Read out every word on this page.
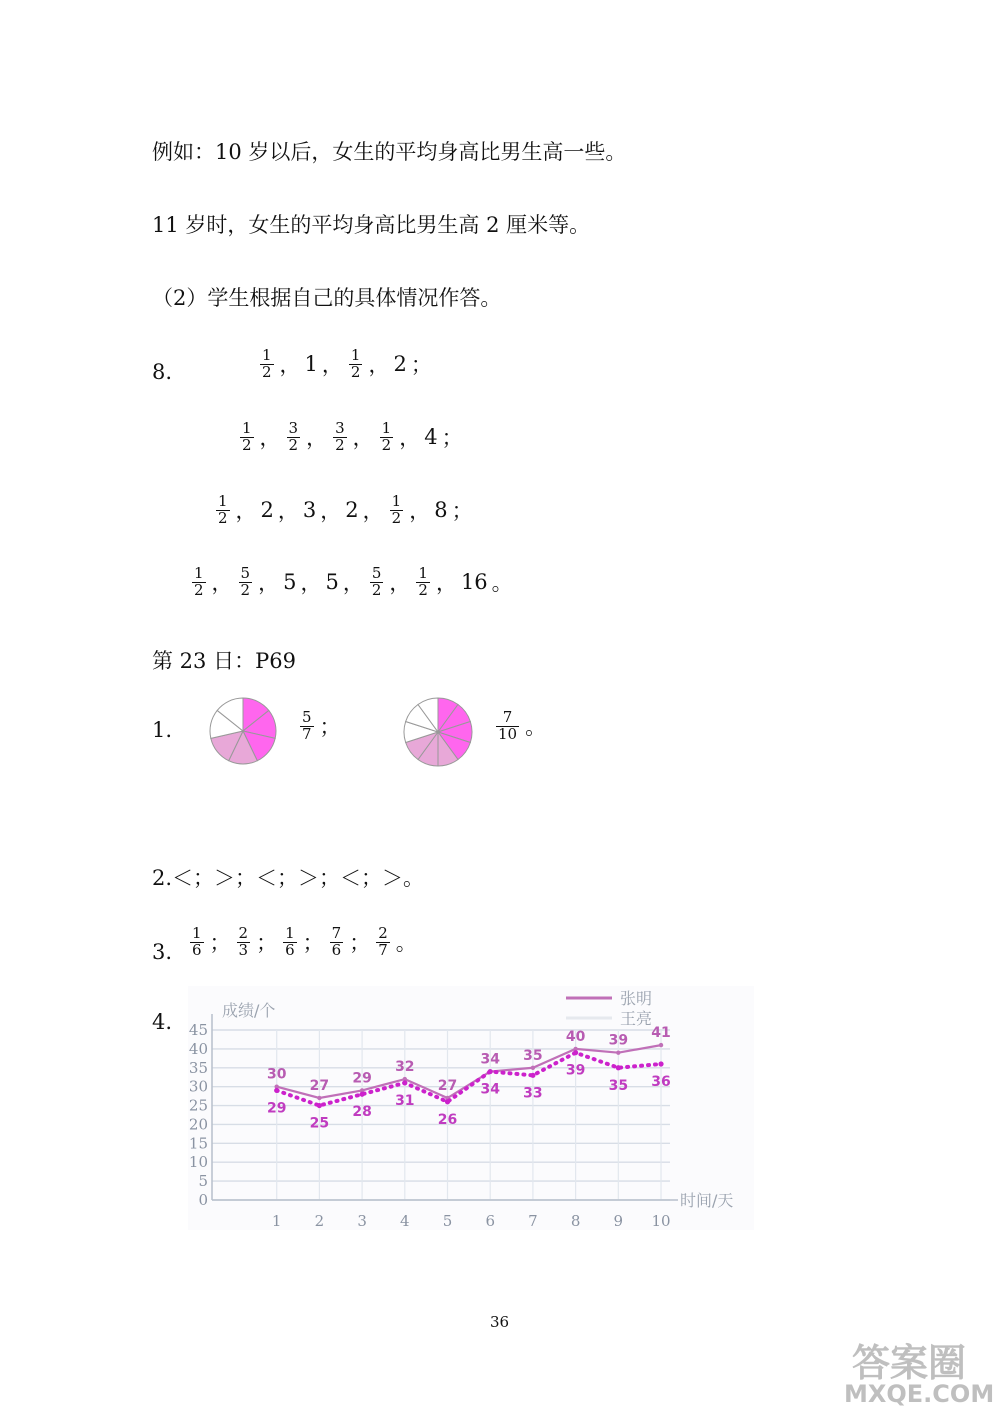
例如：10 岁以后，女生的平均身高比男生高一些。
11 岁时，女生的平均身高比男生高 2 厘米等。
（2）学生根据自己的具体情况作答。
8.	$\frac{1}{2}$ ， 1 ， $\frac{1}{2}$ ， 2 ；
$\frac{1}{2}$ ， $\frac{3}{2}$ ， $\frac{3}{2}$ ， $\frac{1}{2}$ ， 4 ；
$\frac{1}{2}$ ， 2 ， 3 ， 2 ， $\frac{1}{2}$ ， 8 ；
$\frac{1}{2}$ ， $\frac{5}{2}$ ， 5 ， 5 ， $\frac{5}{2}$ ， $\frac{1}{2}$ ， 16 。
第 23 日：P69
1.	$\frac{5}{7}$ ；	$\frac{7}{10}$ 。
2.＜；＞；＜；＞；＜；＞。
3. $\frac{1}{6}$ ； $\frac{2}{3}$ ； $\frac{1}{6}$ ； $\frac{7}{6}$ ； $\frac{2}{7}$ 。
4.
0
5
10
15
20
25
30
35
40
45
1 2 3 4 5 6 7 8 9 10
成绩/个
时间/天
张明
王亮
30
27 29
32
27
34 35
40 39 41
29
25
28
31
26
34 33
39
35 36
36
答案圈
MXQE.COM
